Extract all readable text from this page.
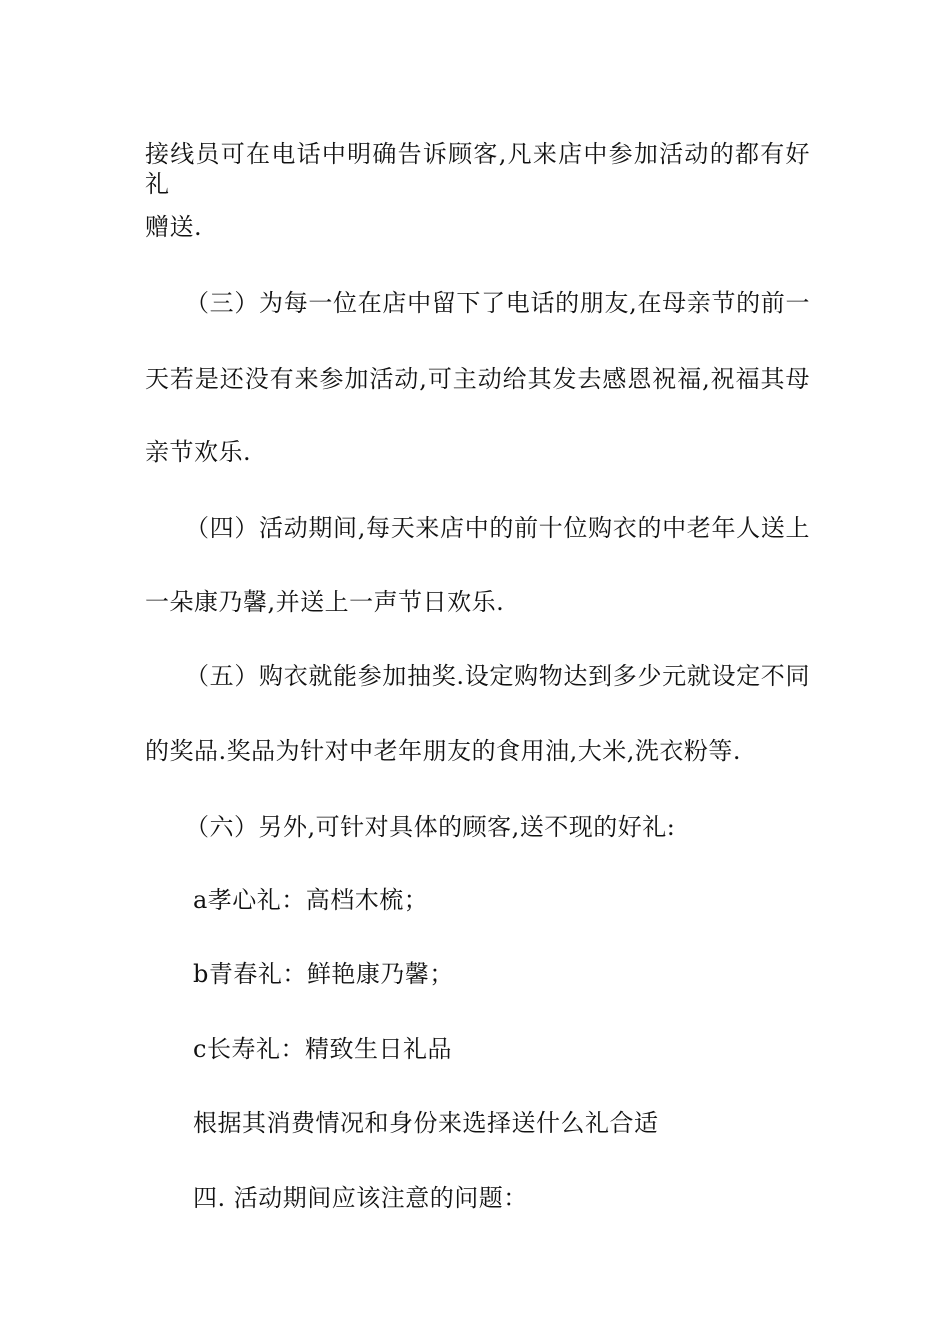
接线员可在电话中明确告诉顾客,凡来店中参加活动的都有好礼
赠送.
（三）为每一位在店中留下了电话的朋友,在母亲节的前一
天若是还没有来参加活动,可主动给其发去感恩祝福,祝福其母
亲节欢乐.
（四）活动期间,每天来店中的前十位购衣的中老年人送上
一朵康乃馨,并送上一声节日欢乐.
（五）购衣就能参加抽奖.设定购物达到多少元就设定不同
的奖品.奖品为针对中老年朋友的食用油,大米,洗衣粉等.
（六）另外,可针对具体的顾客,送不现的好礼:
a孝心礼：高档木梳；
b青春礼：鲜艳康乃馨；
c长寿礼：精致生日礼品
根据其消费情况和身份来选择送什么礼合适
四. 活动期间应该注意的问题：
